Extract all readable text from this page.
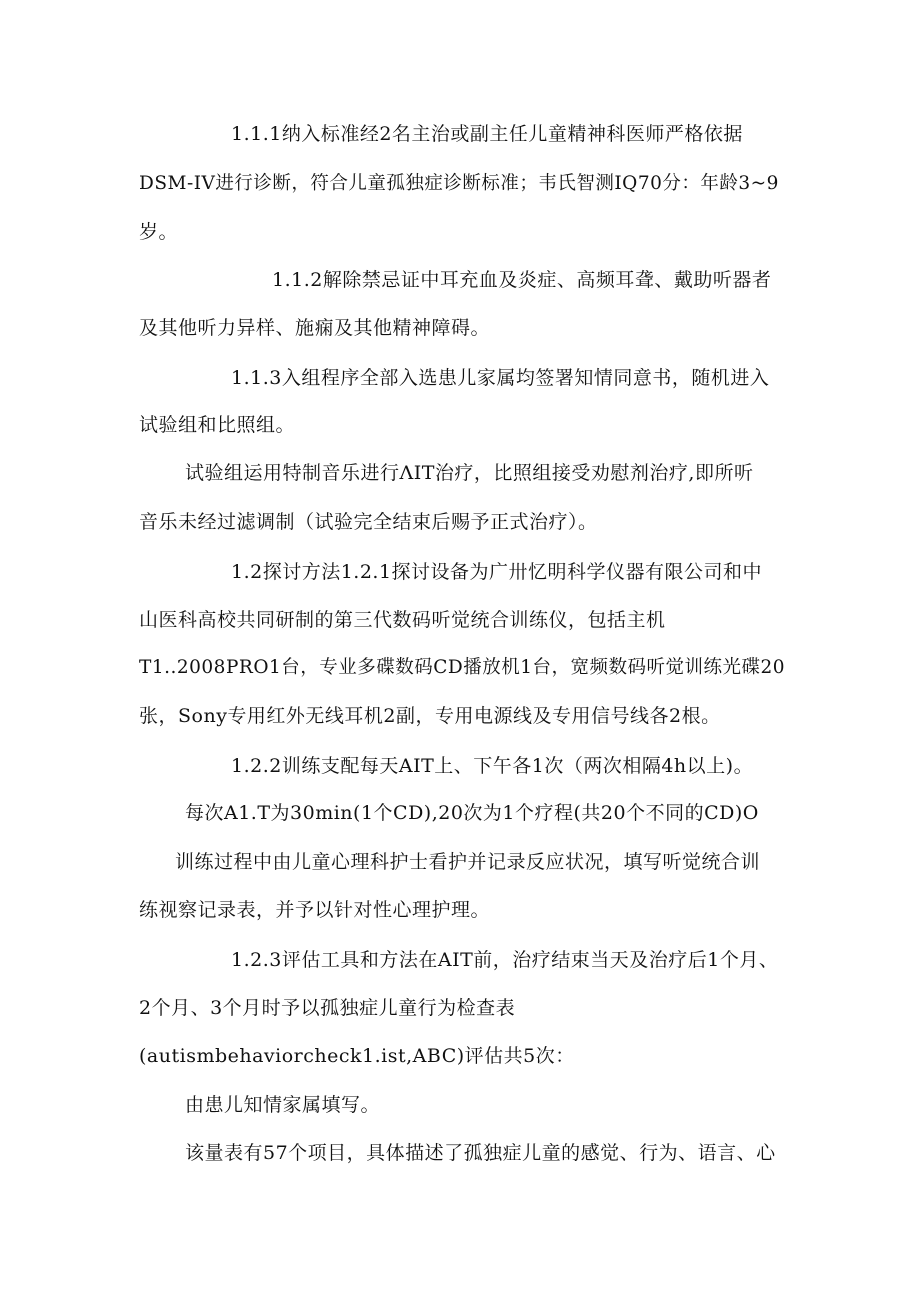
1.1.1纳入标准经2名主治或副主任儿童精神科医师严格依据
DSM-IV进行诊断，符合儿童孤独症诊断标准；韦氏智测IQ70分：年龄3~9
岁。
1.1.2解除禁忌证中耳充血及炎症、高频耳聋、戴助听器者
及其他听力异样、施痫及其他精神障碍。
1.1.3入组程序全部入选患儿家属均签署知情同意书，随机进入
试验组和比照组。
试验组运用特制音乐进行ΛIT治疗，比照组接受劝慰剂治疗,即所听
音乐未经过滤调制（试验完全结束后赐予正式治疗）。
1.2探讨方法1.2.1探讨设备为广卅忆明科学仪器有限公司和中
山医科高校共同研制的第三代数码听觉统合训练仪，包括主机
T1..2008PRO1台，专业多碟数码CD播放机1台，宽频数码听觉训练光碟20
张，Sony专用红外无线耳机2副，专用电源线及专用信号线各2根。
1.2.2训练支配每天AIT上、下午各1次（两次相隔4h以上)。
每次A1.T为30min(1个CD),20次为1个疗程(共20个不同的CD)O
训练过程中由儿童心理科护士看护并记录反应状况，填写听觉统合训
练视察记录表，并予以针对性心理护理。
1.2.3评估工具和方法在AIT前，治疗结束当天及治疗后1个月、
2个月、3个月时予以孤独症儿童行为检查表
(autismbehaviorcheck1.ist,ABC)评估共5次：
由患儿知情家属填写。
该量表有57个项目，具体描述了孤独症儿童的感觉、行为、语言、心
